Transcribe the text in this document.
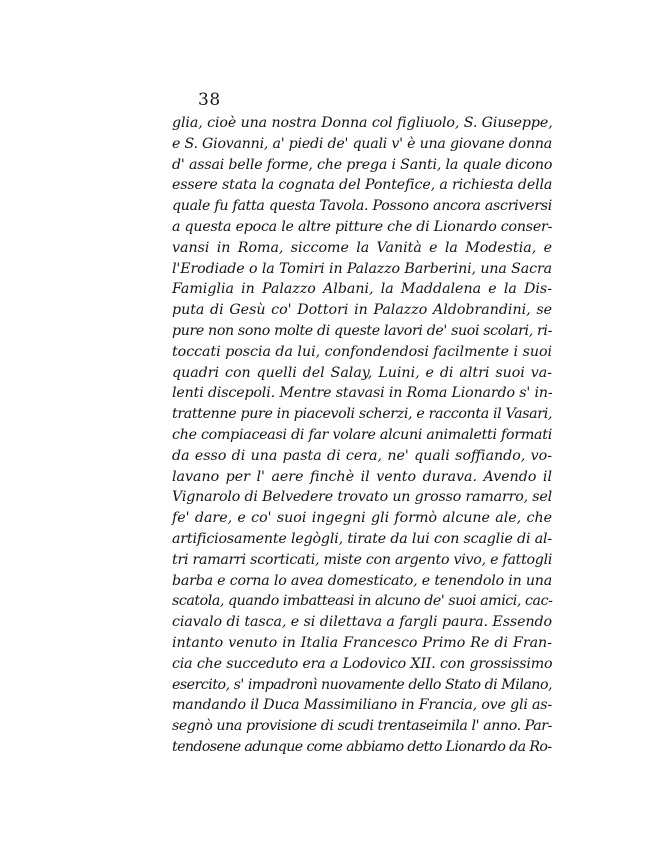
38
glia, cioè una nostra Donna col figliuolo, S. Giuseppe,
e S. Giovanni, a' piedi de' quali v' è una giovane donna
d' assai belle forme, che prega i Santi, la quale dicono
essere stata la cognata del Pontefice, a richiesta della
quale fu fatta questa Tavola. Possono ancora ascriversi
a questa epoca le altre pitture che di Lionardo conser-
vansi in Roma, siccome la Vanità e la Modestia, e
l'Erodiade o la Tomiri in Palazzo Barberini, una Sacra
Famiglia in Palazzo Albani, la Maddalena e la Dis-
puta di Gesù co' Dottori in Palazzo Aldobrandini, se
pure non sono molte di queste lavori de' suoi scolari, ri-
toccati poscia da lui, confondendosi facilmente i suoi
quadri con quelli del Salay, Luini, e di altri suoi va-
lenti discepoli. Mentre stavasi in Roma Lionardo s' in-
trattenne pure in piacevoli scherzi, e racconta il Vasari,
che compiaceasi di far volare alcuni animaletti formati
da esso di una pasta di cera, ne' quali soffiando, vo-
lavano per l' aere finchè il vento durava. Avendo il
Vignarolo di Belvedere trovato un grosso ramarro, sel
fe' dare, e co' suoi ingegni gli formò alcune ale, che
artificiosamente legògli, tirate da lui con scaglie di al-
tri ramarri scorticati, miste con argento vivo, e fattogli
barba e corna lo avea domesticato, e tenendolo in una
scatola, quando imbatteasi in alcuno de' suoi amici, cac-
ciavalo di tasca, e si dilettava a fargli paura. Essendo
intanto venuto in Italia Francesco Primo Re di Fran-
cia che succeduto era a Lodovico XII. con grossissimo
esercito, s' impadronì nuovamente dello Stato di Milano,
mandando il Duca Massimiliano in Francia, ove gli as-
segnò una provisione di scudi trentaseimila l' anno. Par-
tendosene adunque come abbiamo detto Lionardo da Ro-
